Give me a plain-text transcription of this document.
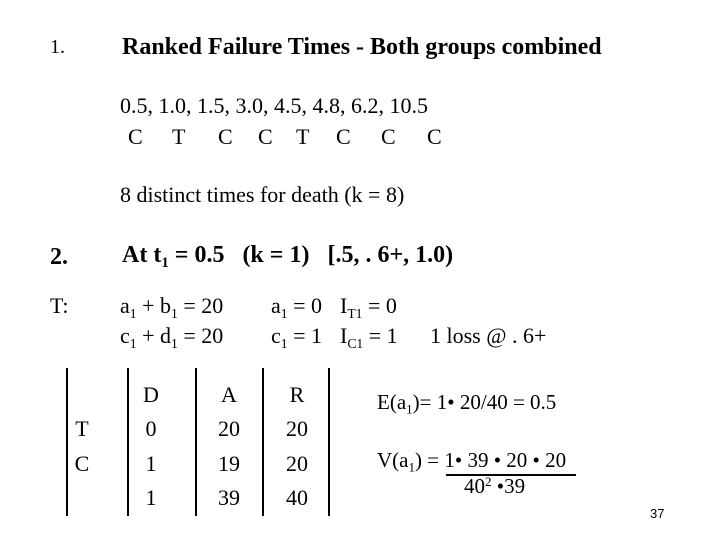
1. Ranked Failure Times - Both groups combined
0.5, 1.0, 1.5, 3.0, 4.5, 4.8, 6.2, 10.5
C T C C T C C C
8 distinct times for death (k = 8)
2. At $t_1 = 0.5$   (k = 1)   [.5, . 6+, 1.0)
T: $a_1 + b_1 = 20$
$c_1 + d_1 = 20$
$a_1 = 0$ $I_{T1} = 0$
$c_1 = 1$ $I_{C1} = 1$ 1 loss @ . 6+
T
C
D
0
1
1
A
20
19
39
R
20
20
40
$E(a_1)=$ 1• 20/40 = 0.5
$V(a_1)$ = 1• 39 • 20 • 20
$40^2$ •39
37
